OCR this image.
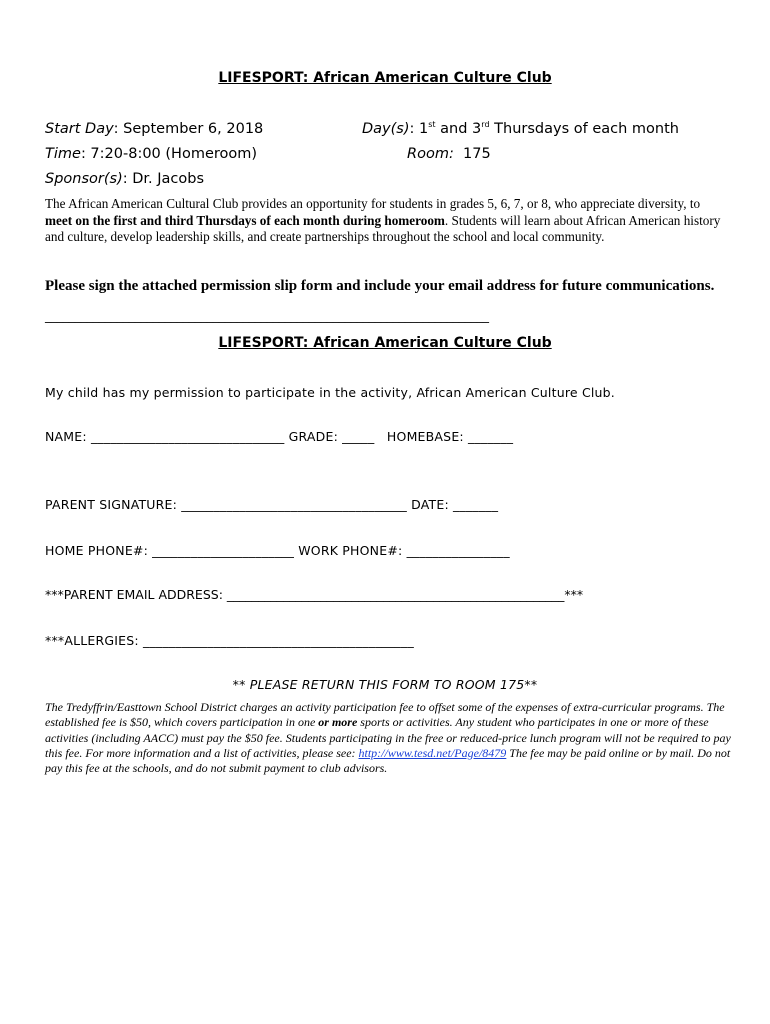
LIFESPORT: African American Culture Club
Start Day: September 6, 2018	Day(s): 1st and 3rd Thursdays of each month
Time: 7:20-8:00 (Homeroom)	Room:  175
Sponsor(s): Dr. Jacobs
The African American Cultural Club provides an opportunity for students in grades 5, 6, 7, or 8, who appreciate diversity, to meet on the first and third Thursdays of each month during homeroom. Students will learn about African American history and culture, develop leadership skills, and create partnerships throughout the school and local community.
Please sign the attached permission slip form and include your email address for future communications.
__________________________________________________________________________
LIFESPORT: African American Culture Club
My child has my permission to participate in the activity, African American Culture Club.
NAME: ______________________________ GRADE: _____   HOMEBASE: _______
PARENT SIGNATURE: ___________________________________ DATE: _______
HOME PHONE#: ______________________ WORK PHONE#: ________________
***PARENT EMAIL ADDRESS: ______________________________________________________***
***ALLERGIES: __________________________________________
** PLEASE RETURN THIS FORM TO ROOM 175**
The Tredyffrin/Easttown School District charges an activity participation fee to offset some of the expenses of extra-curricular programs. The established fee is $50, which covers participation in one or more sports or activities. Any student who participates in one or more of these activities (including AACC) must pay the $50 fee. Students participating in the free or reduced-price lunch program will not be required to pay this fee. For more information and a list of activities, please see: http://www.tesd.net/Page/8479 The fee may be paid online or by mail. Do not pay this fee at the schools, and do not submit payment to club advisors.
